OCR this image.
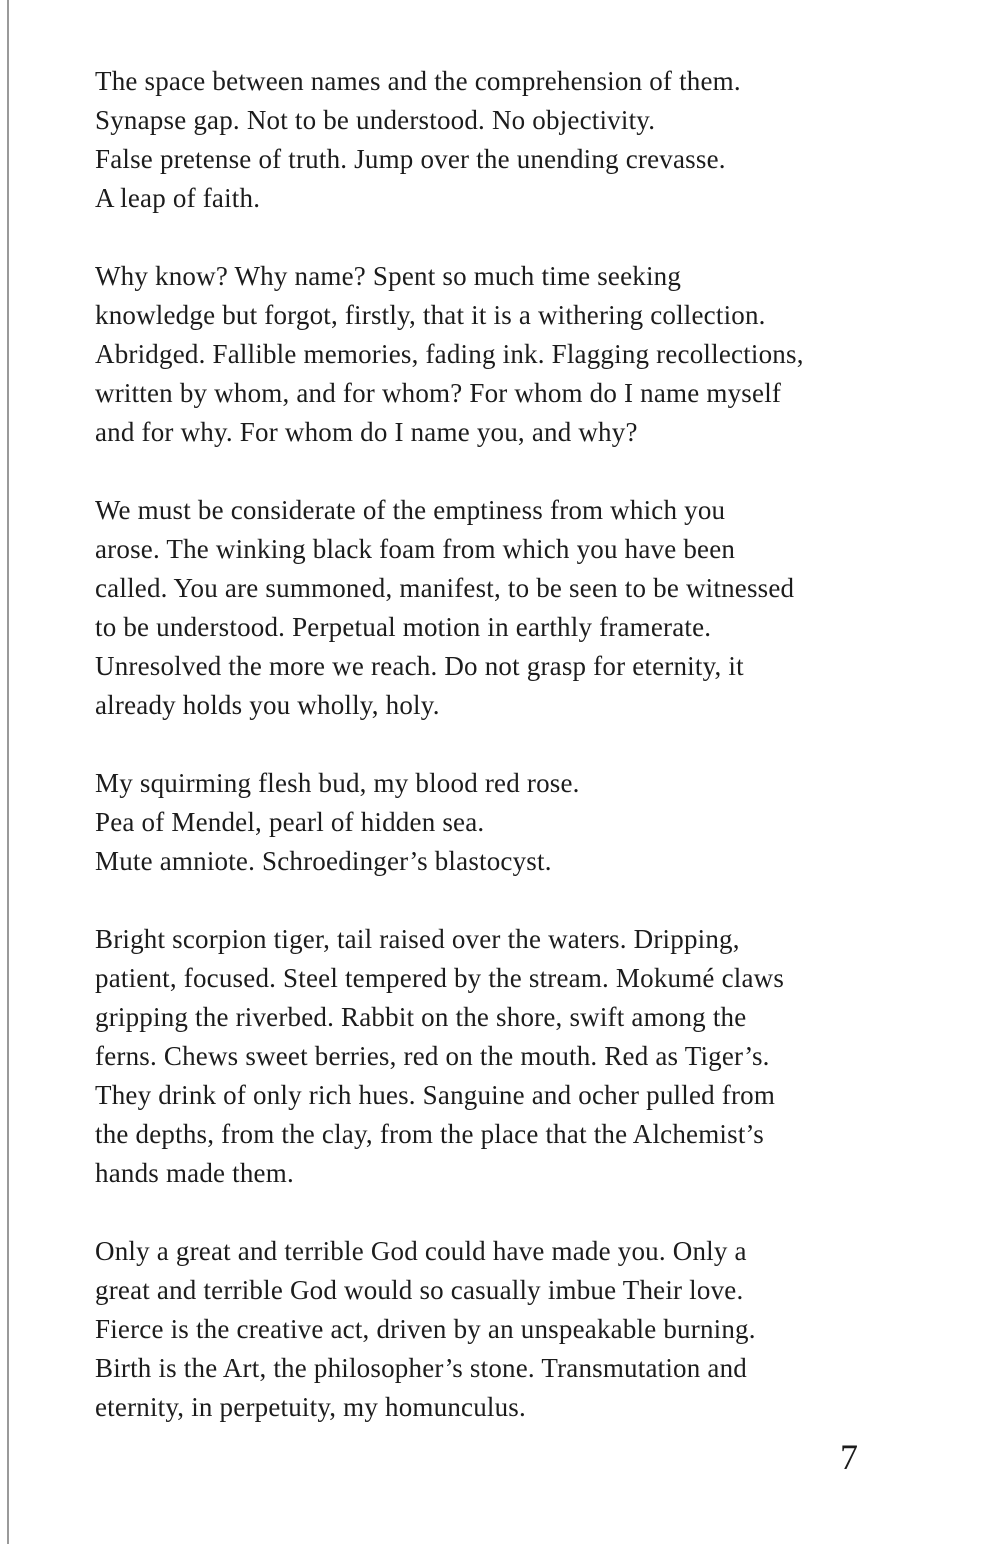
The space between names and the comprehension of them.
Synapse gap. Not to be understood. No objectivity.
False pretense of truth. Jump over the unending crevasse.
A leap of faith.

Why know? Why name? Spent so much time seeking
knowledge but forgot, firstly, that it is a withering collection.
Abridged. Fallible memories, fading ink. Flagging recollections,
written by whom, and for whom? For whom do I name myself
and for why. For whom do I name you, and why?

We must be considerate of the emptiness from which you
arose. The winking black foam from which you have been
called. You are summoned, manifest, to be seen to be witnessed
to be understood. Perpetual motion in earthly framerate.
Unresolved the more we reach. Do not grasp for eternity, it
already holds you wholly, holy.

My squirming flesh bud, my blood red rose.
Pea of Mendel, pearl of hidden sea.
Mute amniote. Schroedinger’s blastocyst.

Bright scorpion tiger, tail raised over the waters. Dripping,
patient, focused. Steel tempered by the stream. Mokumé claws
gripping the riverbed. Rabbit on the shore, swift among the
ferns. Chews sweet berries, red on the mouth. Red as Tiger’s.
They drink of only rich hues. Sanguine and ocher pulled from
the depths, from the clay, from the place that the Alchemist’s
hands made them.

Only a great and terrible God could have made you. Only a
great and terrible God would so casually imbue Their love.
Fierce is the creative act, driven by an unspeakable burning.
Birth is the Art, the philosopher’s stone. Transmutation and
eternity, in perpetuity, my homunculus.

7
